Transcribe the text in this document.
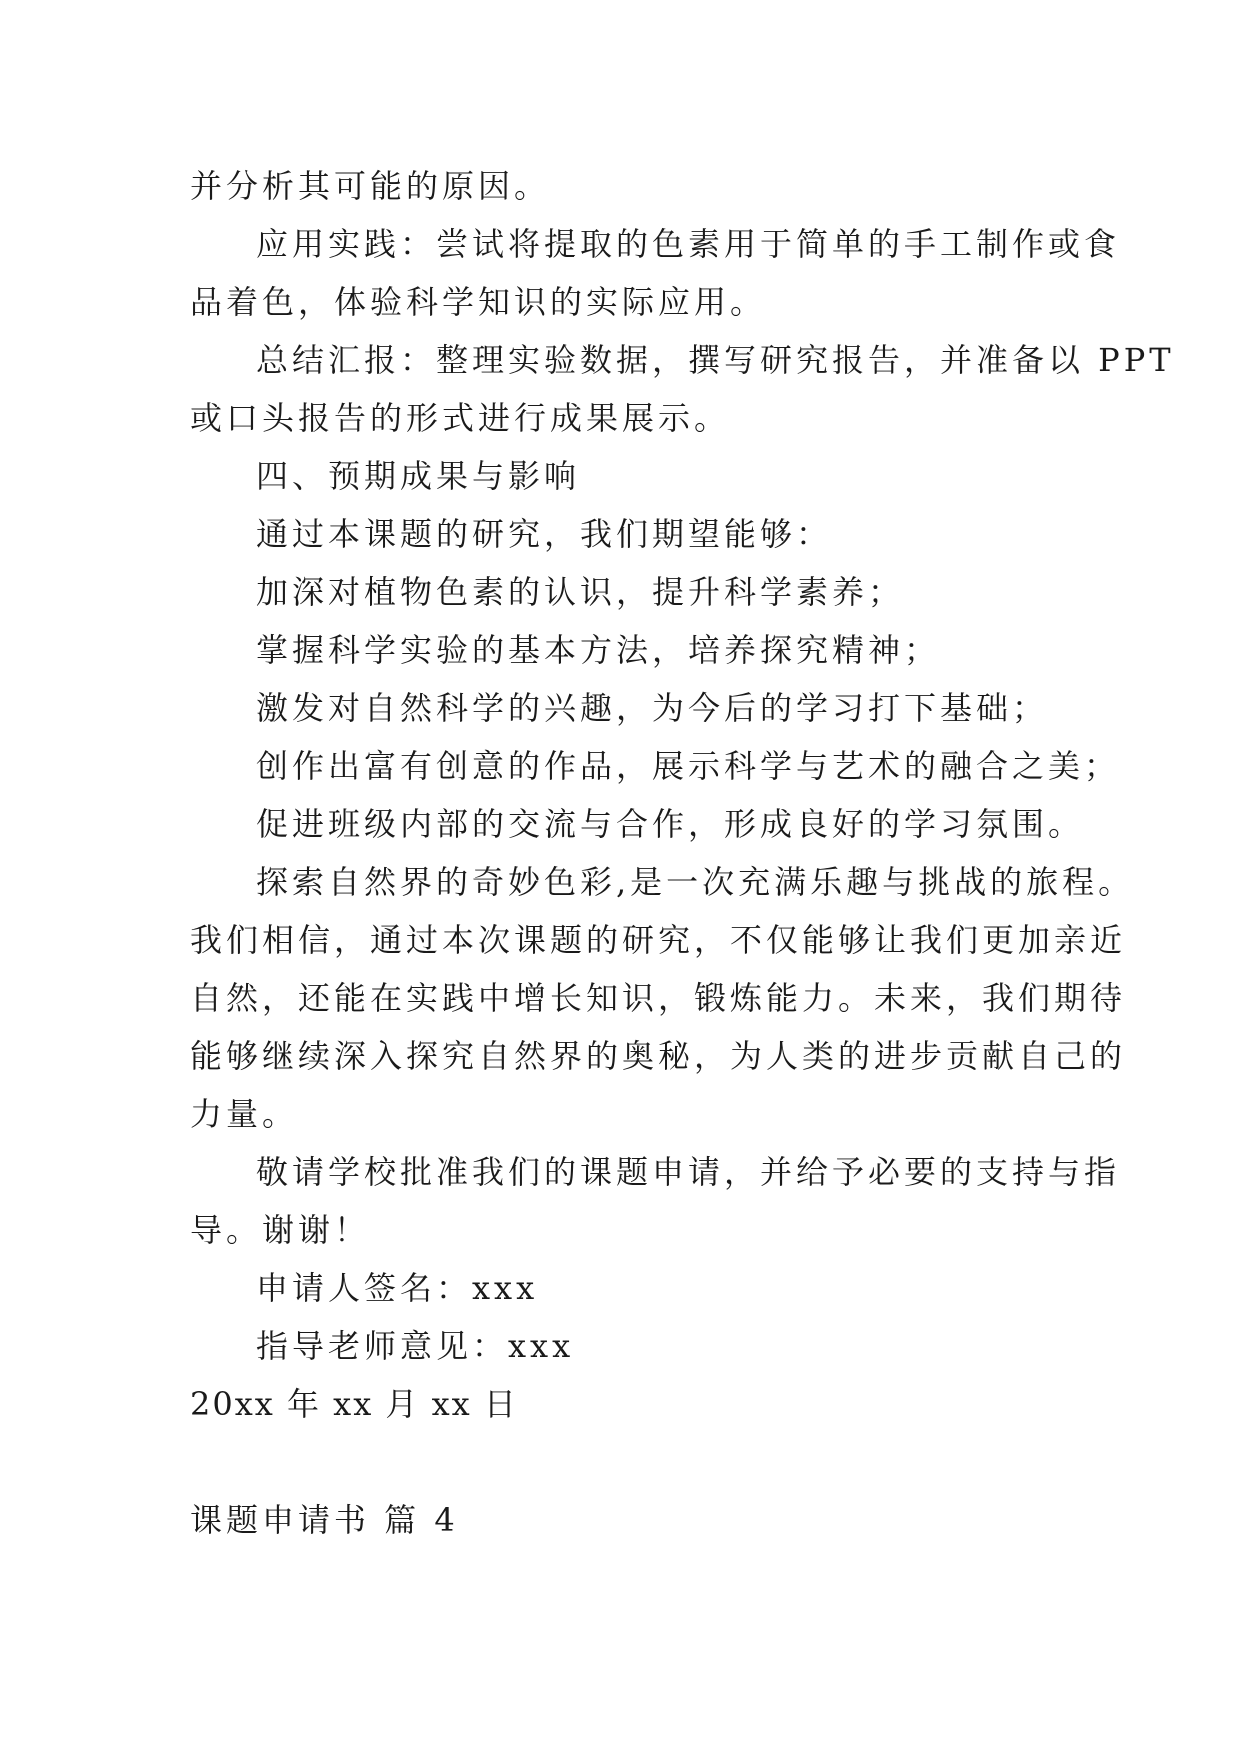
并分析其可能的原因。
应用实践：尝试将提取的色素用于简单的手工制作或食
品着色，体验科学知识的实际应用。
总结汇报：整理实验数据，撰写研究报告，并准备以 PPT
或口头报告的形式进行成果展示。
四、预期成果与影响
通过本课题的研究，我们期望能够：
加深对植物色素的认识，提升科学素养；
掌握科学实验的基本方法，培养探究精神；
激发对自然科学的兴趣，为今后的学习打下基础；
创作出富有创意的作品，展示科学与艺术的融合之美；
促进班级内部的交流与合作，形成良好的学习氛围。
探索自然界的奇妙色彩,是一次充满乐趣与挑战的旅程。
我们相信，通过本次课题的研究，不仅能够让我们更加亲近
自然，还能在实践中增长知识，锻炼能力。未来，我们期待
能够继续深入探究自然界的奥秘，为人类的进步贡献自己的
力量。
敬请学校批准我们的课题申请，并给予必要的支持与指
导。谢谢！
申请人签名：xxx
指导老师意见：xxx
20xx 年 xx 月 xx 日
课题申请书 篇 4
